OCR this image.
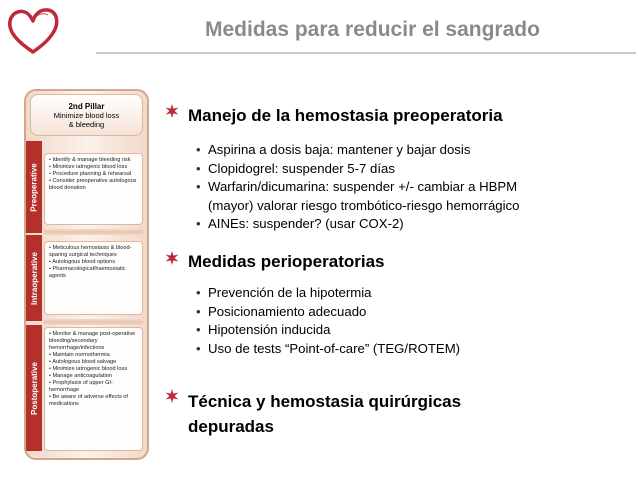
Medidas para reducir el sangrado
2nd Pillar
Minimize blood loss
& bleeding
Preoperative
• Identify & manage bleeding risk
• Minimize iatrogenic blood loss
• Procedure planning & rehearsal
• Consider preoperative autologous blood donation
Intraoperative
• Meticulous hemostasis & blood-sparing surgical techniques
• Autologous blood options
• Pharmacological/haemostatic agents
Postoperative
• Monitor & manage post-operative bleeding/secondary hemorrhage/infections
• Maintain normothermia
• Autologous blood salvage
• Minimize iatrogenic blood loss
• Manage anticoagulation
• Prophylaxis of upper GI-hemorrhage
• Be aware of adverse effects of medications
Manejo de la hemostasia preoperatoria
• Aspirina a dosis baja: mantener y bajar dosis
• Clopidogrel: suspender 5-7 días
• Warfarin/dicumarina: suspender +/- cambiar a HBPM
(mayor) valorar riesgo trombótico-riesgo hemorrágico
• AINEs: suspender? (usar COX-2)
Medidas perioperatorias
• Prevención de la hipotermia
• Posicionamiento adecuado
• Hipotensión inducida
• Uso de tests “Point-of-care” (TEG/ROTEM)
Técnica y hemostasia quirúrgicas
depuradas
